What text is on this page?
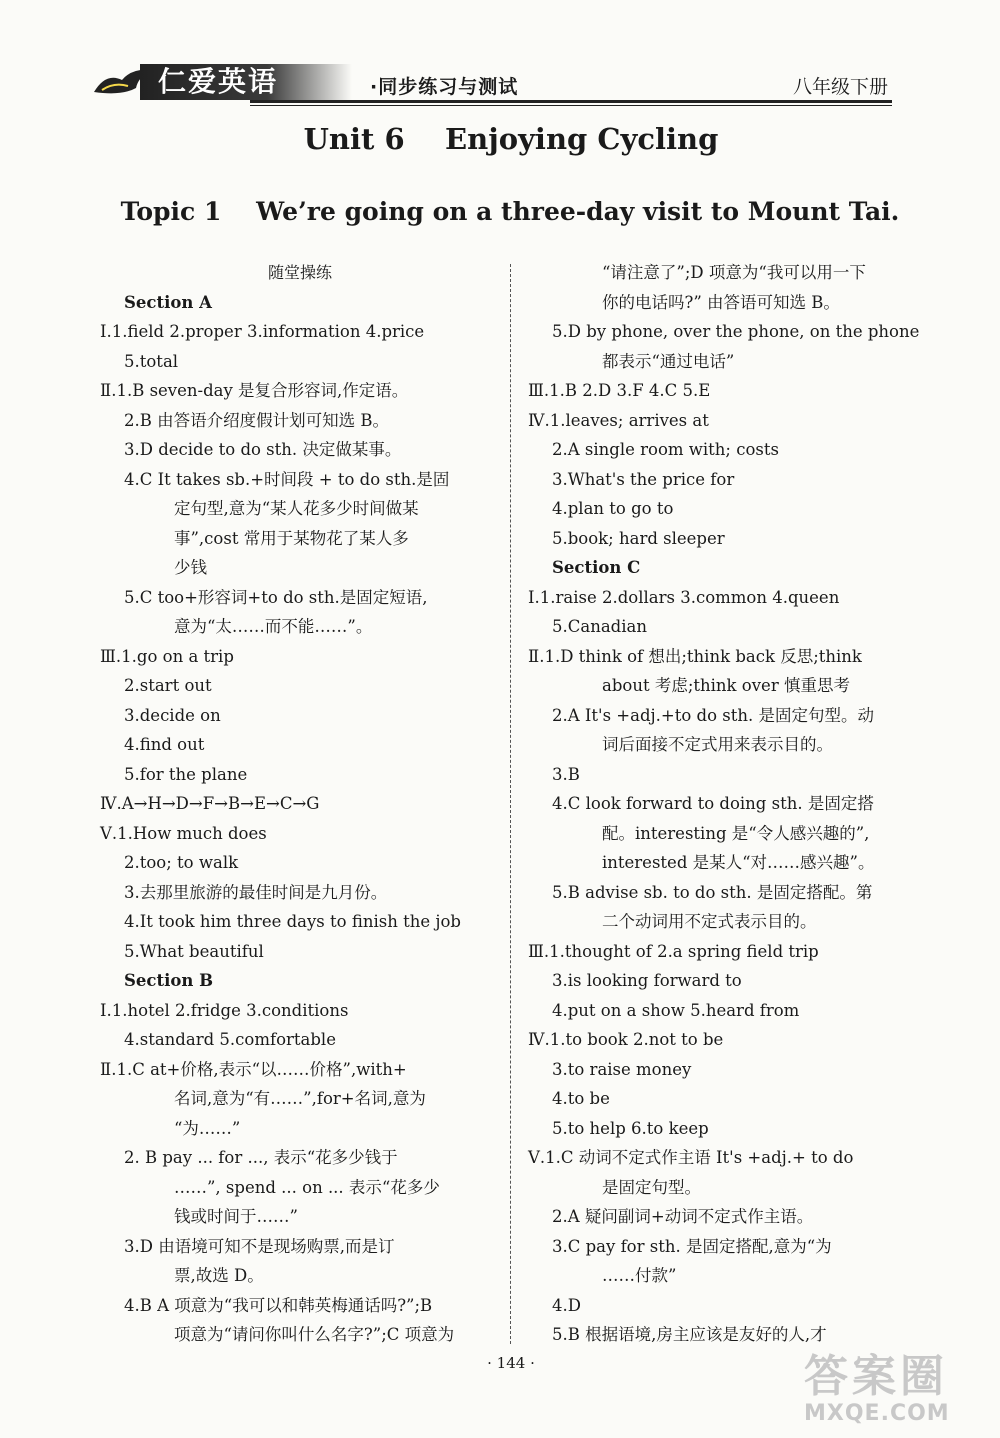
仁爱英语	·同步练习与测试	八年级下册
Unit 6    Enjoying Cycling
Topic 1    We’re going on a three-day visit to Mount Tai.
随堂操练
Section A
Ⅰ.1.field 2.proper 3.information 4.price
5.total
Ⅱ.1.B seven-day 是复合形容词,作定语。
2.B 由答语介绍度假计划可知选 B。
3.D decide to do sth. 决定做某事。
4.C It takes sb.+时间段 + to do sth.是固
定句型,意为“某人花多少时间做某
事”,cost 常用于某物花了某人多
少钱
5.C too+形容词+to do sth.是固定短语,
意为“太……而不能……”。
Ⅲ.1.go on a trip
2.start out
3.decide on
4.find out
5.for the plane
Ⅳ.A→H→D→F→B→E→C→G
Ⅴ.1.How much does
2.too; to walk
3.去那里旅游的最佳时间是九月份。
4.It took him three days to finish the job
5.What beautiful
Section B
Ⅰ.1.hotel 2.fridge 3.conditions
4.standard 5.comfortable
Ⅱ.1.C at+价格,表示“以……价格”,with+
名词,意为“有……”,for+名词,意为
“为……”
2. B pay ... for ..., 表示“花多少钱于
……”, spend ... on ... 表示“花多少
钱或时间于……”
3.D 由语境可知不是现场购票,而是订
票,故选 D。
4.B A 项意为“我可以和韩英梅通话吗?”;B
项意为“请问你叫什么名字?”;C 项意为
“请注意了”;D 项意为“我可以用一下
你的电话吗?” 由答语可知选 B。
5.D by phone, over the phone, on the phone
都表示“通过电话”
Ⅲ.1.B 2.D 3.F 4.C 5.E
Ⅳ.1.leaves; arrives at
2.A single room with; costs
3.What's the price for
4.plan to go to
5.book; hard sleeper
Section C
Ⅰ.1.raise 2.dollars 3.common 4.queen
5.Canadian
Ⅱ.1.D think of 想出;think back 反思;think
about 考虑;think over 慎重思考
2.A It's +adj.+to do sth. 是固定句型。动
词后面接不定式用来表示目的。
3.B
4.C look forward to doing sth. 是固定搭
配。interesting 是“令人感兴趣的”,
interested 是某人“对……感兴趣”。
5.B advise sb. to do sth. 是固定搭配。第
二个动词用不定式表示目的。
Ⅲ.1.thought of 2.a spring field trip
3.is looking forward to
4.put on a show 5.heard from
Ⅳ.1.to book 2.not to be
3.to raise money
4.to be
5.to help 6.to keep
Ⅴ.1.C 动词不定式作主语 It's +adj.+ to do
是固定句型。
2.A 疑问副词+动词不定式作主语。
3.C pay for sth. 是固定搭配,意为“为
……付款”
4.D
5.B 根据语境,房主应该是友好的人,才
· 144 ·	答案圈
MXQE.COM
